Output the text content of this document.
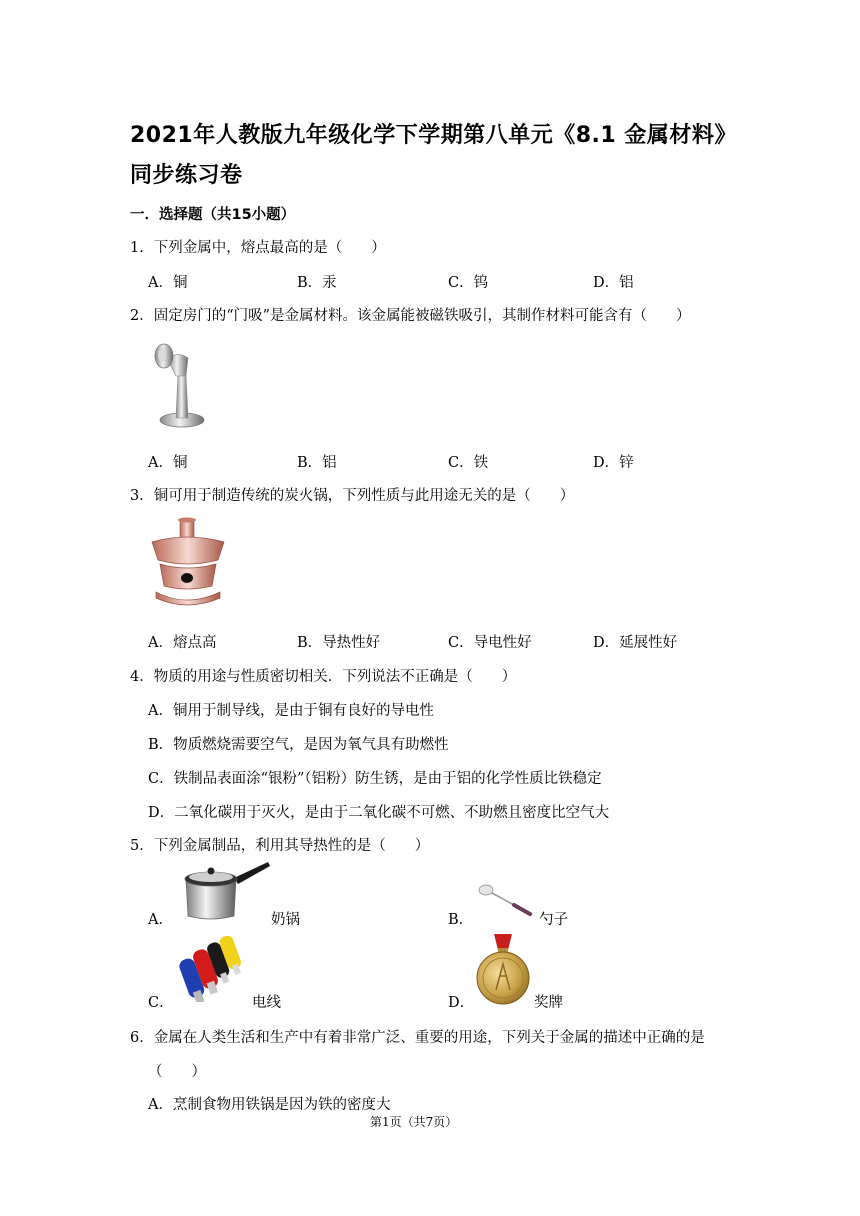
2021年人教版九年级化学下学期第八单元《8.1 金属材料》
同步练习卷
一．选择题（共15小题）
1．下列金属中，熔点最高的是（　　）
A．铜	B．汞	C．钨	D．铝
2．固定房门的“门吸”是金属材料。该金属能被磁铁吸引，其制作材料可能含有（　　）
A．铜	B．铝	C．铁	D．锌
3．铜可用于制造传统的炭火锅，下列性质与此用途无关的是（　　）
A．熔点高	B．导热性好	C．导电性好	D．延展性好
4．物质的用途与性质密切相关．下列说法不正确是（　　）
A．铜用于制导线，是由于铜有良好的导电性
B．物质燃烧需要空气，是因为氧气具有助燃性
C．铁制品表面涂“银粉”（铝粉）防生锈，是由于铝的化学性质比铁稳定
D．二氧化碳用于灭火，是由于二氧化碳不可燃、不助燃且密度比空气大
5．下列金属制品，利用其导热性的是（　　）
A．	奶锅	B．	勺子
C．	电线	D．	奖牌
6．金属在人类生活和生产中有着非常广泛、重要的用途，下列关于金属的描述中正确的是
（　　）
A．烹制食物用铁锅是因为铁的密度大
第1页（共7页）
